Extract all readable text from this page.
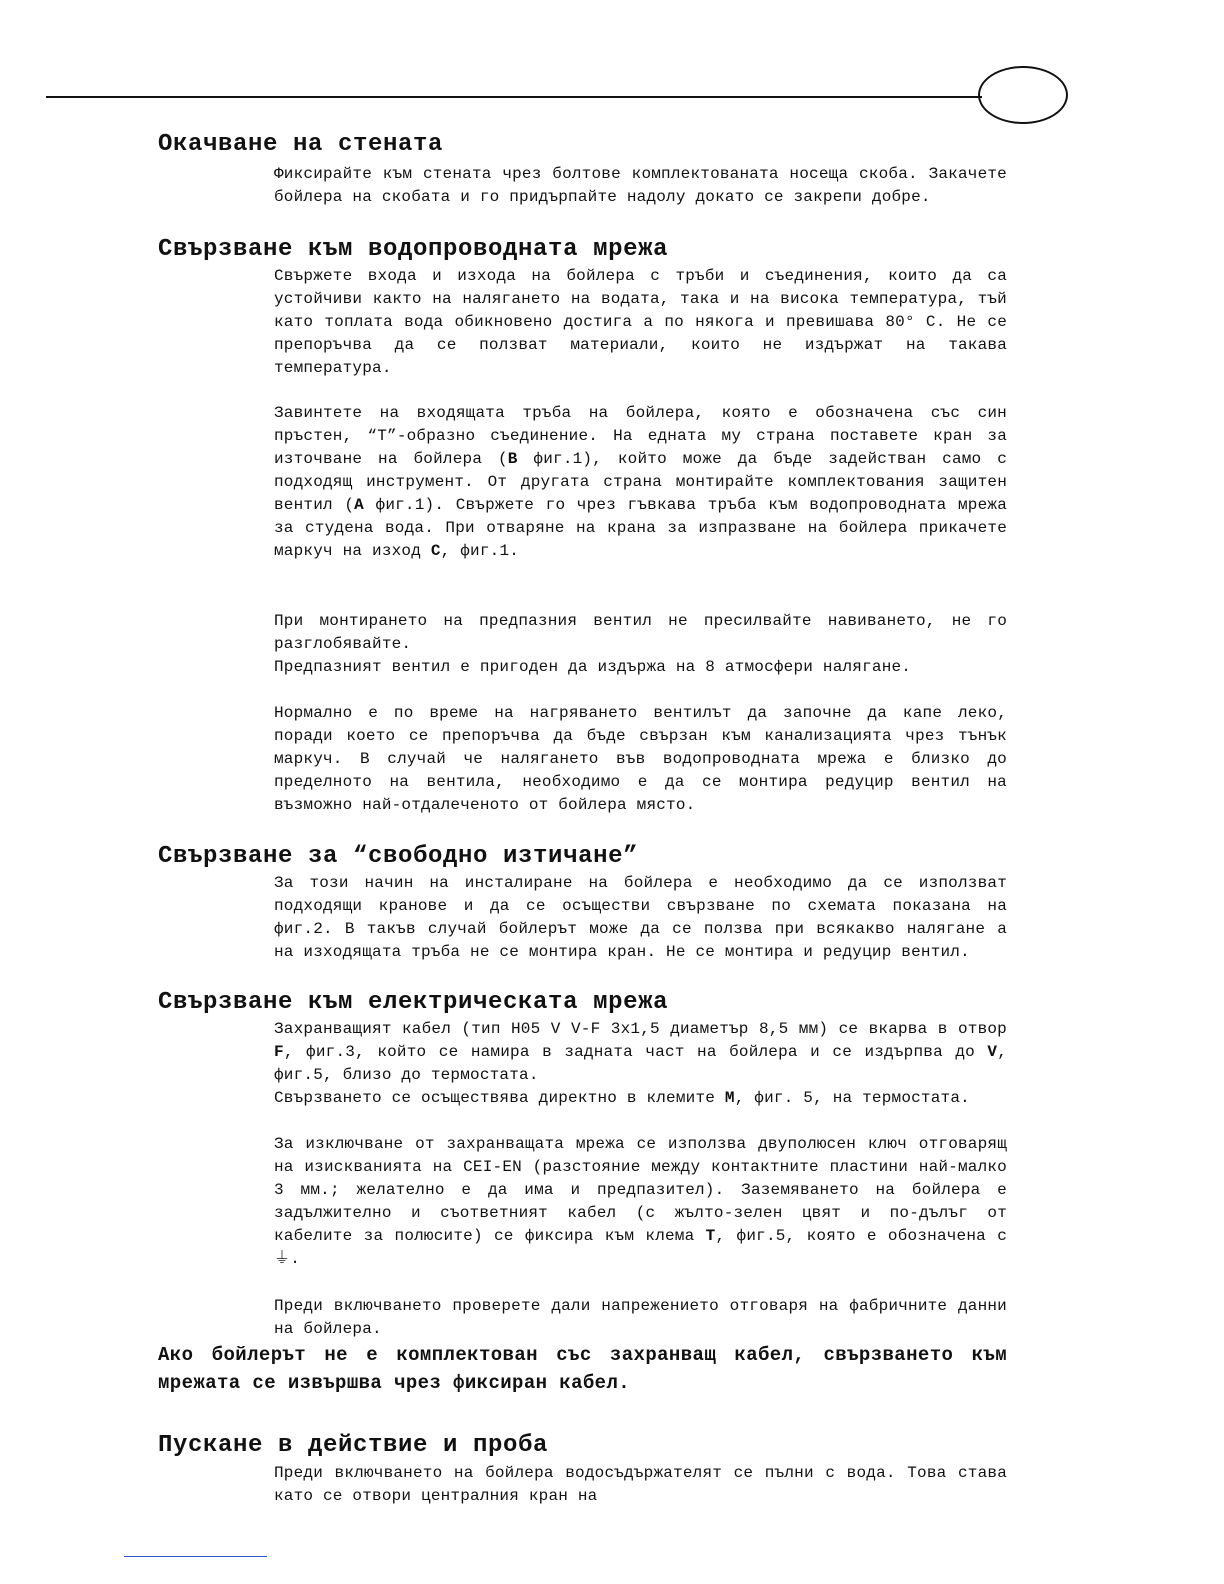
Окачване на стената

Фиксирайте към стената чрез болтове комплектованата носеща скоба. Закачете бойлера на скобата и го придърпайте надолу докато се закрепи добре.

Свързване към водопроводната мрежа

Свържете входа и изхода на бойлера с тръби и съединения, които да са устойчиви както на налягането на водата, така и на висока температура, тъй като топлата вода обикновено достига а по някога и превишава 80° C. Не се препоръчва да се ползват материали, които не издържат на такава температура.

Завинтете на входящата тръба на бойлера, която е обозначена със син пръстен, “T”-образно съединение. На едната му страна поставете кран за източване на бойлера (B фиг.1), който може да бъде задействан само с подходящ инструмент. От другата страна монтирайте комплектования защитен вентил (A фиг.1). Свържете го чрез гъвкава тръба към водопроводната мрежа за студена вода. При отваряне на крана за изпразване на бойлера прикачете маркуч на изход C, фиг.1.

При монтирането на предпазния вентил не пресилвайте навиването, не го разглобявайте.

Предпазният вентил е пригоден да издържа на 8 атмосфери налягане.

Нормално е по време на нагряването вентилът да започне да капе леко, поради което се препоръчва да бъде свързан към канализацията чрез тънък маркуч. В случай че налягането във водопроводната мрежа е близко до пределното на вентила, необходимо е да се монтира редуцир вентил на възможно най-отдалеченото от бойлера място.

Свързване за “свободно изтичане”

За този начин на инсталиране на бойлера е необходимо да се използват подходящи кранове и да се осъществи свързване по схемата показана на фиг.2. В такъв случай бойлерът може да се ползва при всякакво налягане а на изходящата тръба не се монтира кран. Не се монтира и редуцир вентил.

Свързване към електрическата мрежа

Захранващият кабел (тип H05 V V-F 3x1,5 диаметър 8,5 мм) се вкарва в отвор F, фиг.3, който се намира в задната част на бойлера и се издърпва до V, фиг.5, близо до термостата.

Свързването се осъществява директно в клемите M, фиг. 5, на термостата.

За изключване от захранващата мрежа се използва двуполюсен ключ отговарящ на изискванията на CEI-EN (разстояние между контактните пластини най-малко 3 мм.; желателно е да има и предпазител). Заземяването на бойлера е задължително и съответният кабел (с жълто-зелен цвят и по-дълъг от кабелите за полюсите) се фиксира към клема T, фиг.5, която е обозначена с ⏚.

Преди включването проверете дали напрежението отговаря на фабричните данни на бойлера.

Ако бойлерът не е комплектован със захранващ кабел, свързването към мрежата се извършва чрез фиксиран кабел.

Пускане в действие и проба

Преди включването на бойлера водосъдържателят се пълни с вода. Това става като се отвори централния кран на
